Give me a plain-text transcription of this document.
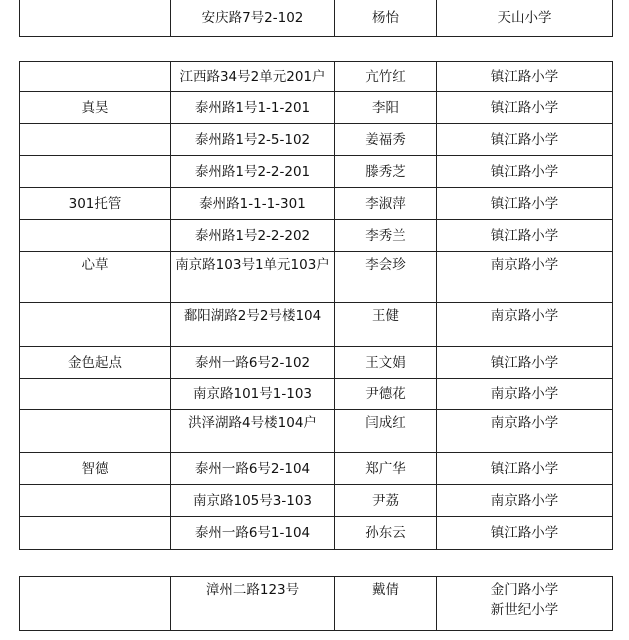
	安庆路7号2-102	杨怡	天山小学
	江西路34号2单元201户	亢竹红	镇江路小学
真昊	泰州路1号1-1-201	李阳	镇江路小学
	泰州路1号2-5-102	姜福秀	镇江路小学
	泰州路1号2-2-201	滕秀芝	镇江路小学
301托管	泰州路1-1-1-301	李淑萍	镇江路小学
	泰州路1号2-2-202	李秀兰	镇江路小学
心草	南京路103号1单元103户	李会珍	南京路小学
	鄱阳湖路2号2号楼104	王健	南京路小学
金色起点	泰州一路6号2-102	王文娟	镇江路小学
	南京路101号1-103	尹德花	南京路小学
	洪泽湖路4号楼104户	闫成红	南京路小学
智德	泰州一路6号2-104	郑广华	镇江路小学
	南京路105号3-103	尹荔	南京路小学
	泰州一路6号1-104	孙东云	镇江路小学
	漳州二路123号	戴倩	金门路小学
新世纪小学
